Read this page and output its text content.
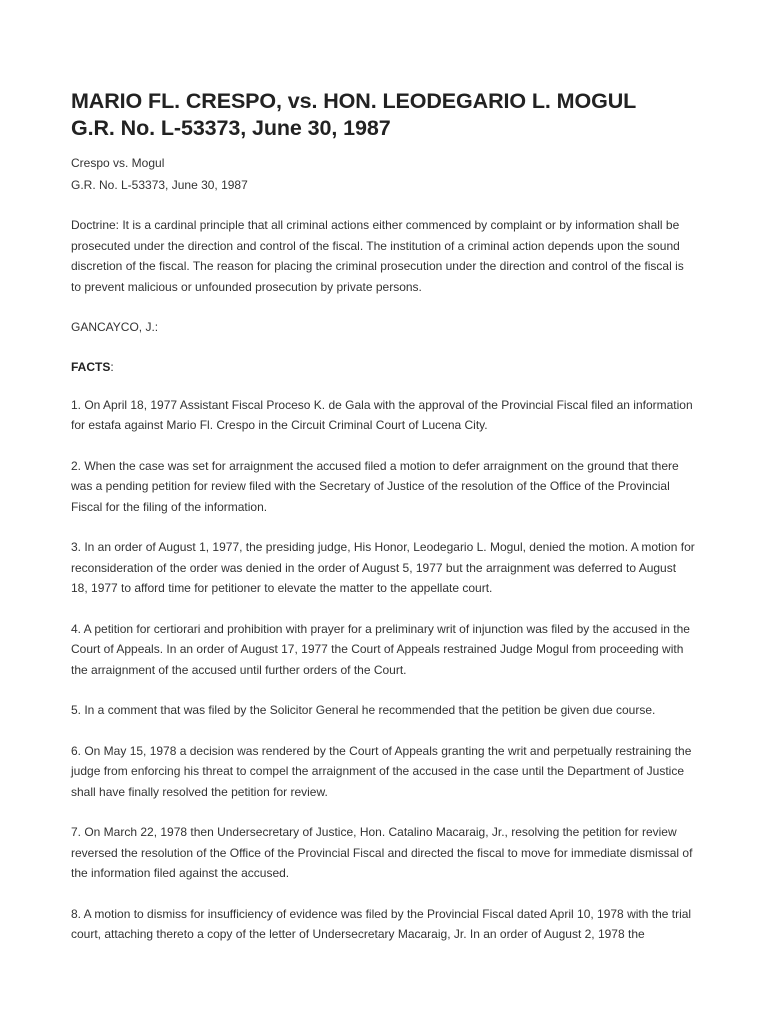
MARIO FL. CRESPO, vs. HON. LEODEGARIO L. MOGUL
G.R. No. L-53373, June 30, 1987
Crespo vs. Mogul
G.R. No. L-53373, June 30, 1987

Doctrine: It is a cardinal principle that all criminal actions either commenced by complaint or by information shall be prosecuted under the direction and control of the fiscal. The institution of a criminal action depends upon the sound discretion of the fiscal. The reason for placing the criminal prosecution under the direction and control of the fiscal is to prevent malicious or unfounded prosecution by private persons.

GANCAYCO, J.:

FACTS:

1. On April 18, 1977 Assistant Fiscal Proceso K. de Gala with the approval of the Provincial Fiscal filed an information for estafa against Mario Fl. Crespo in the Circuit Criminal Court of Lucena City.

2. When the case was set for arraignment the accused filed a motion to defer arraignment on the ground that there was a pending petition for review filed with the Secretary of Justice of the resolution of the Office of the Provincial Fiscal for the filing of the information.

3. In an order of August 1, 1977, the presiding judge, His Honor, Leodegario L. Mogul, denied the motion. A motion for reconsideration of the order was denied in the order of August 5, 1977 but the arraignment was deferred to August 18, 1977 to afford time for petitioner to elevate the matter to the appellate court.

4. A petition for certiorari and prohibition with prayer for a preliminary writ of injunction was filed by the accused in the Court of Appeals. In an order of August 17, 1977 the Court of Appeals restrained Judge Mogul from proceeding with the arraignment of the accused until further orders of the Court.

5. In a comment that was filed by the Solicitor General he recommended that the petition be given due course.

6. On May 15, 1978 a decision was rendered by the Court of Appeals granting the writ and perpetually restraining the judge from enforcing his threat to compel the arraignment of the accused in the case until the Department of Justice shall have finally resolved the petition for review.

7. On March 22, 1978 then Undersecretary of Justice, Hon. Catalino Macaraig, Jr., resolving the petition for review reversed the resolution of the Office of the Provincial Fiscal and directed the fiscal to move for immediate dismissal of the information filed against the accused.

8. A motion to dismiss for insufficiency of evidence was filed by the Provincial Fiscal dated April 10, 1978 with the trial court, attaching thereto a copy of the letter of Undersecretary Macaraig, Jr. In an order of August 2, 1978 the
